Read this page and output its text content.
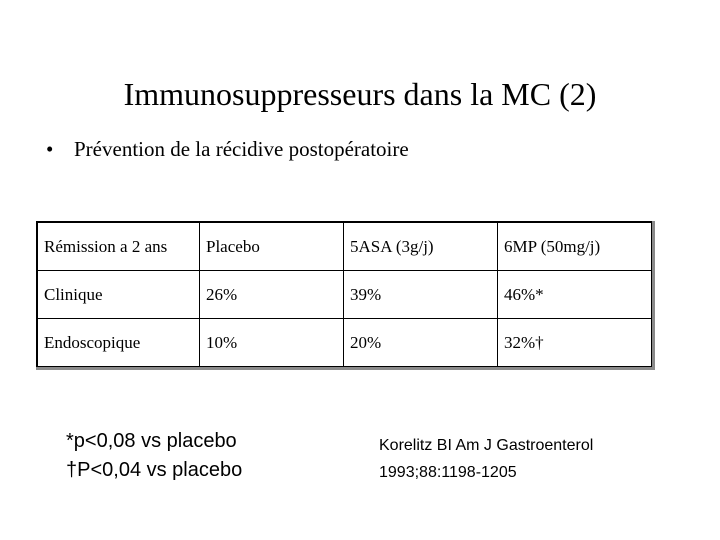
Immunosuppresseurs dans la MC (2)
• Prévention de la récidive postopératoire
Rémission a 2 ans	Placebo	5ASA (3g/j)	6MP (50mg/j)
Clinique	26%	39%	46%*
Endoscopique	10%	20%	32%†
*p<0,08 vs placebo
†P<0,04 vs placebo
Korelitz BI Am J Gastroenterol
1993;88:1198-1205
